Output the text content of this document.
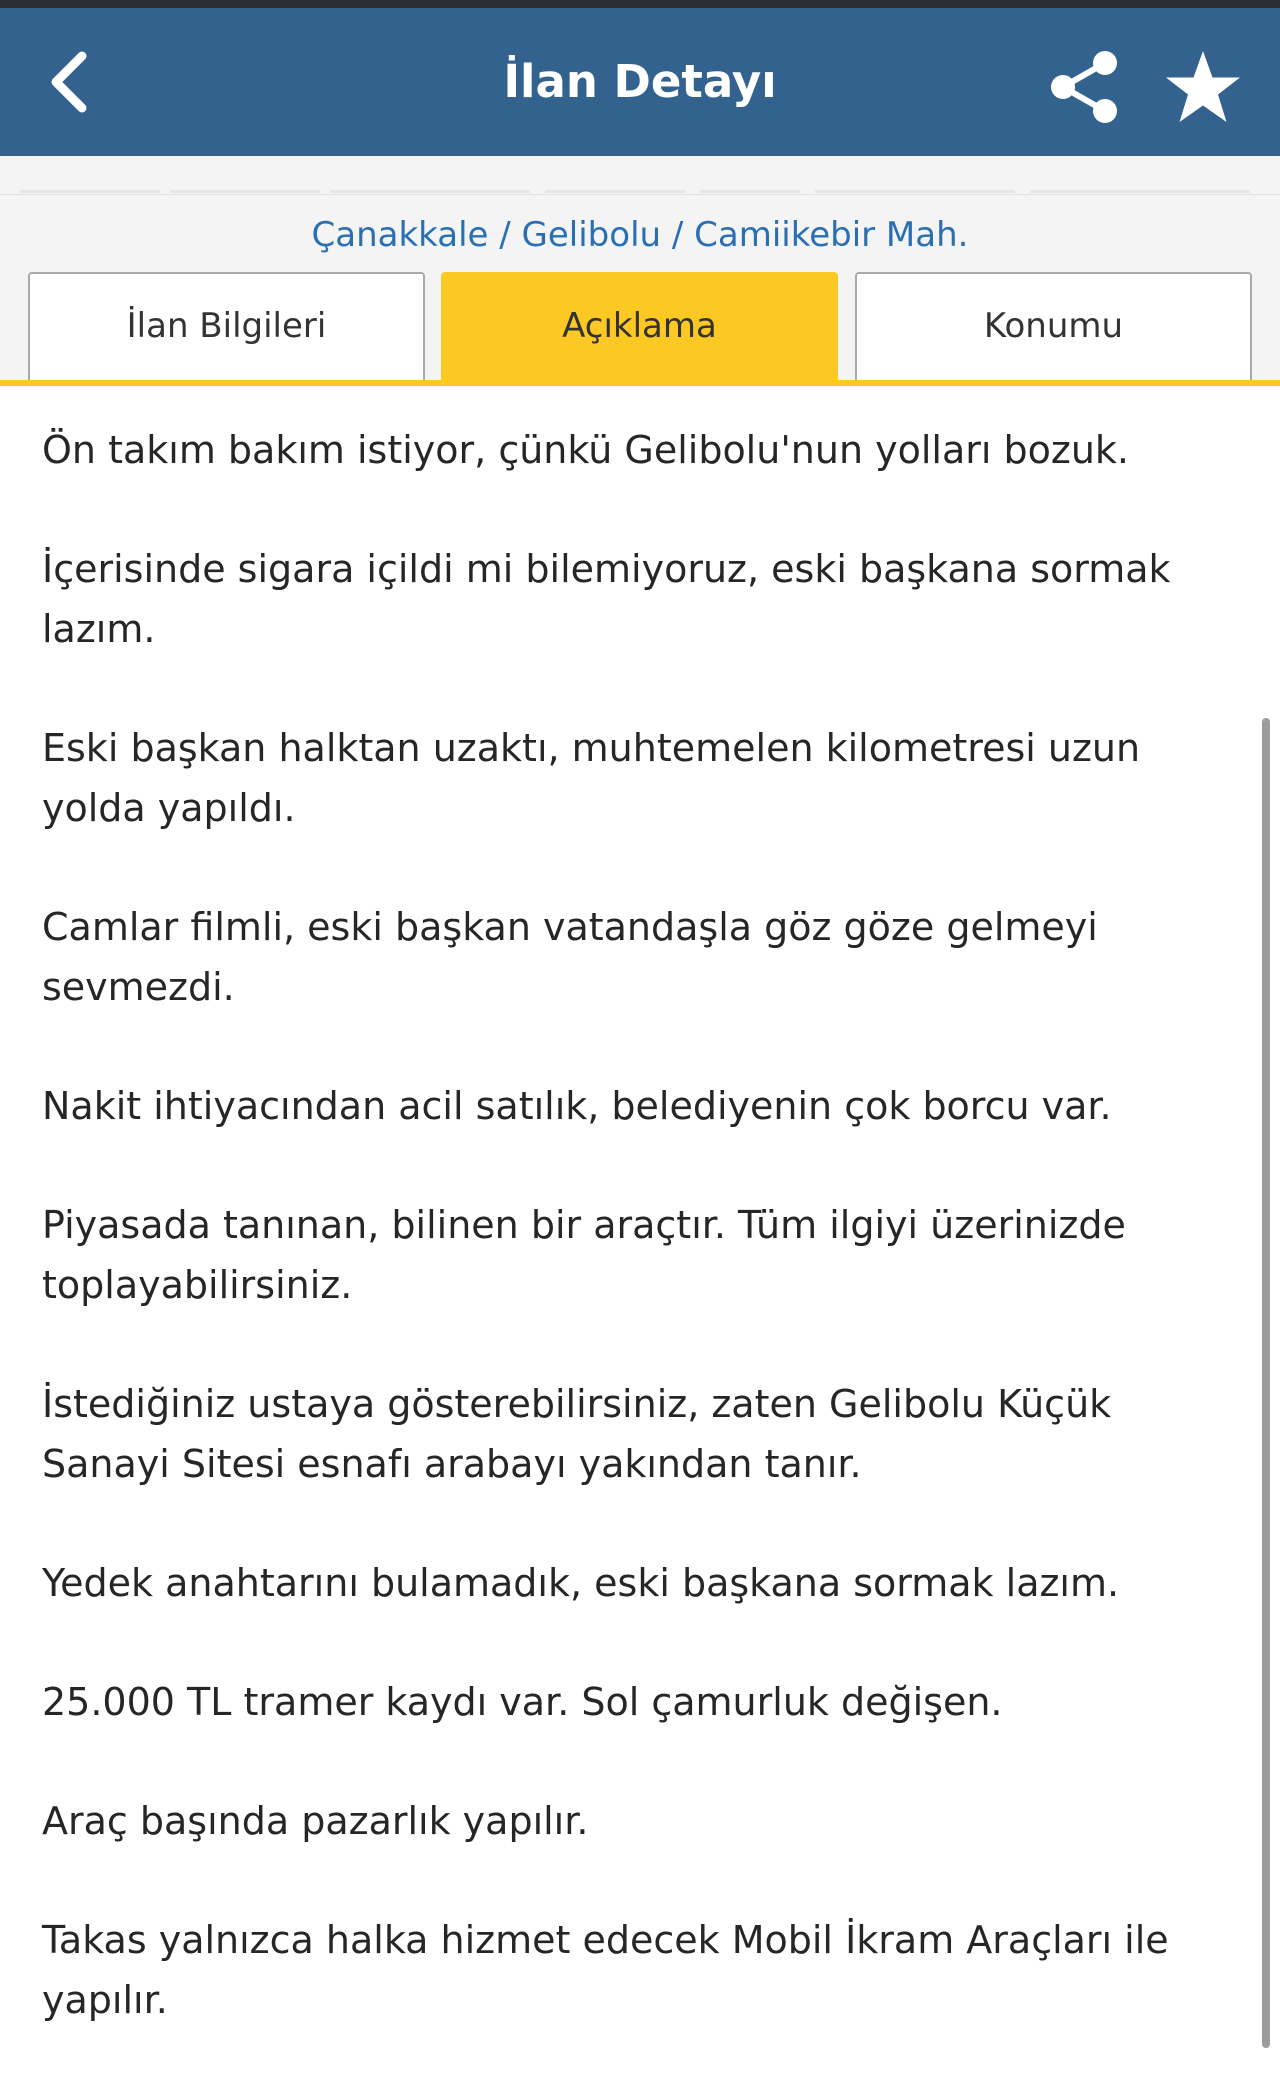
İlan Detayı
Çanakkale / Gelibolu / Camiikebir Mah.
İlan Bilgileri	Açıklama	Konumu

Ön takım bakım istiyor, çünkü Gelibolu'nun yolları bozuk.

İçerisinde sigara içildi mi bilemiyoruz, eski başkana sormak lazım.

Eski başkan halktan uzaktı, muhtemelen kilometresi uzun yolda yapıldı.

Camlar filmli, eski başkan vatandaşla göz göze gelmeyi sevmezdi.

Nakit ihtiyacından acil satılık, belediyenin çok borcu var.

Piyasada tanınan, bilinen bir araçtır. Tüm ilgiyi üzerinizde toplayabilirsiniz.

İstediğiniz ustaya gösterebilirsiniz, zaten Gelibolu Küçük Sanayi Sitesi esnafı arabayı yakından tanır.

Yedek anahtarını bulamadık, eski başkana sormak lazım.

25.000 TL tramer kaydı var. Sol çamurluk değişen.

Araç başında pazarlık yapılır.

Takas yalnızca halka hizmet edecek Mobil İkram Araçları ile yapılır.
